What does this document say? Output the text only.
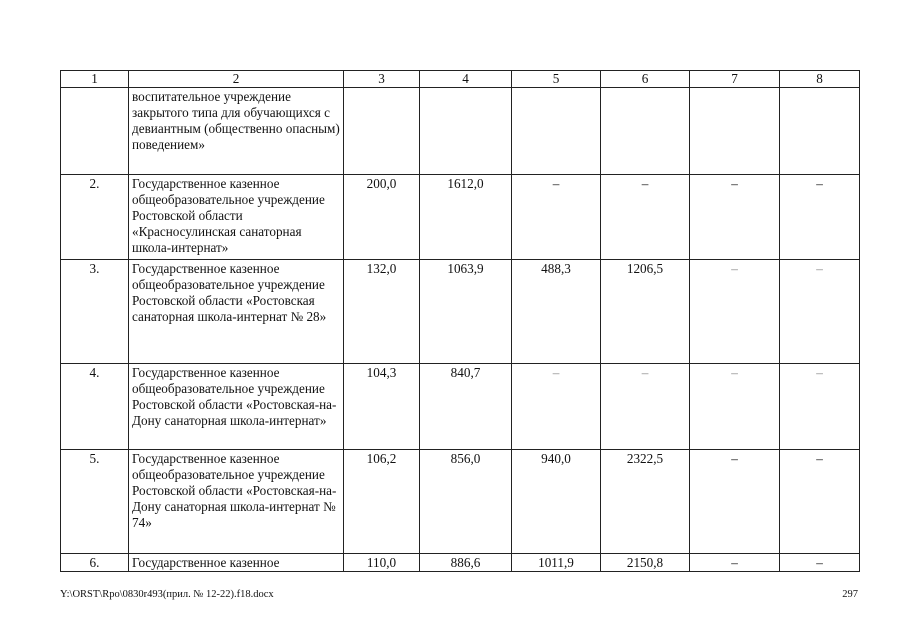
1	2	3	4	5	6	7	8
	воспитательное учреждение закрытого типа для обучающихся с девиантным (общественно опасным) поведением»						
2.	Государственное казенное общеобразовательное учреждение Ростовской области «Красносулинская санаторная школа-интернат»	200,0	1612,0	–	–	–	–
3.	Государственное казенное общеобразовательное учреждение Ростовской области «Ростовская санаторная школа-интернат № 28»	132,0	1063,9	488,3	1206,5	–	–
4.	Государственное казенное общеобразовательное учреждение Ростовской области «Ростовская-на-Дону санаторная школа-интернат»	104,3	840,7	–	–	–	–
5.	Государственное казенное общеобразовательное учреждение Ростовской области «Ростовская-на-Дону санаторная школа-интернат № 74»	106,2	856,0	940,0	2322,5	–	–
6.	Государственное казенное	110,0	886,6	1011,9	2150,8	–	–
Y:\ORST\Rpo\0830r493(прил. № 12-22).f18.docx	297
